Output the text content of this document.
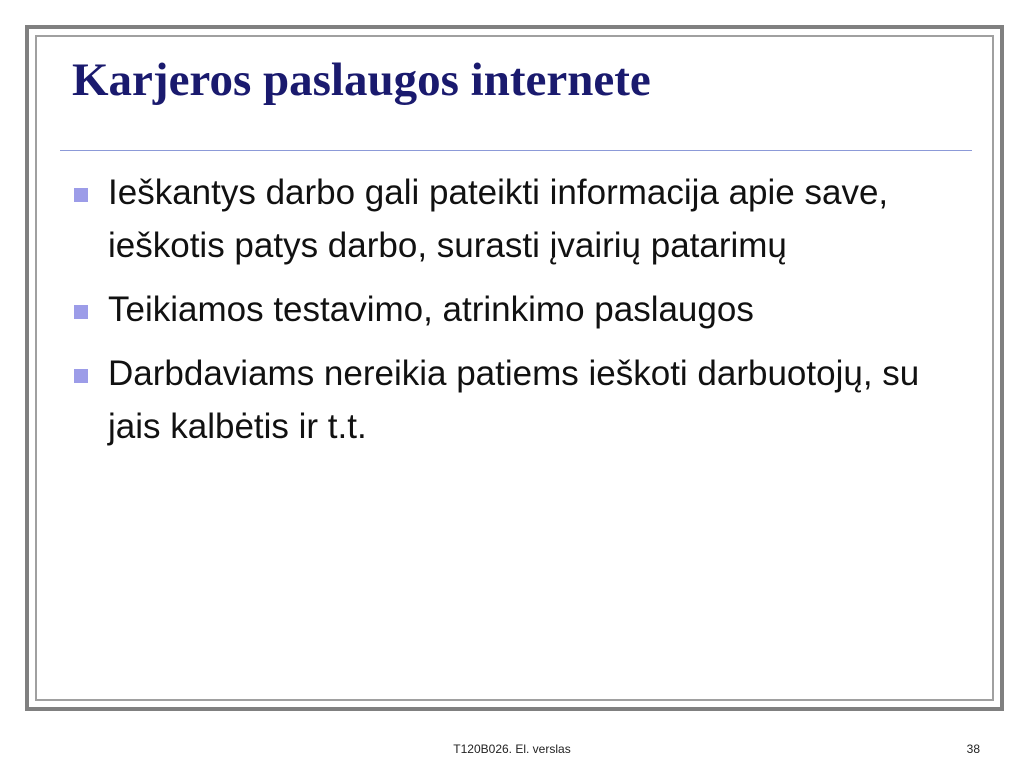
Karjeros paslaugos internete
Ieškantys darbo gali pateikti informacija apie save, ieškotis patys darbo, surasti įvairių patarimų
Teikiamos testavimo, atrinkimo paslaugos
Darbdaviams nereikia patiems ieškoti darbuotojų, su jais kalbėtis ir t.t.
T120B026. El. verslas	38
